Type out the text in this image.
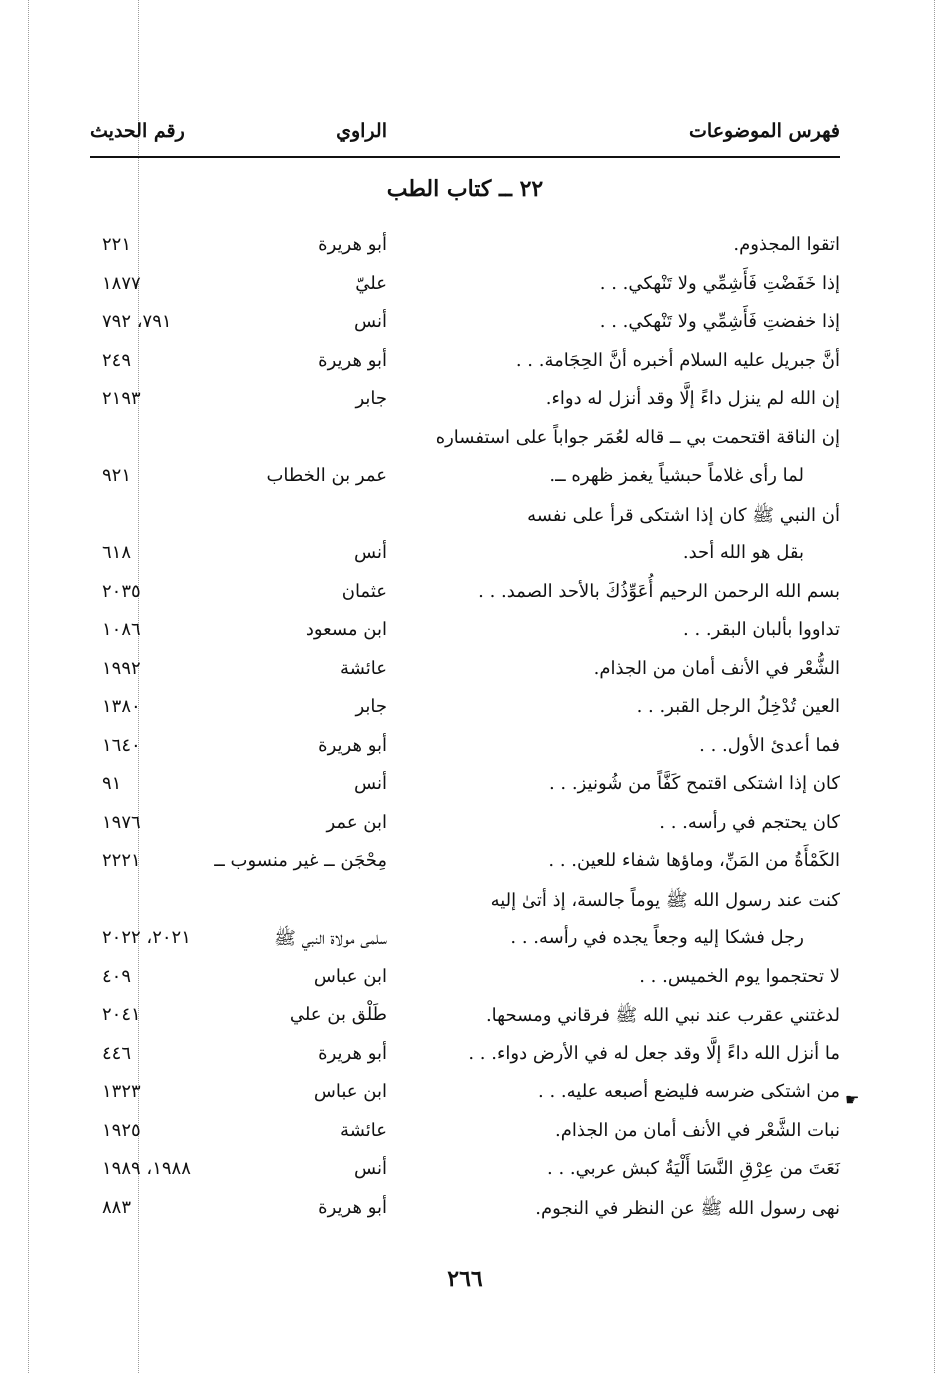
فهرس الموضوعات
الراوي
رقم الحديث
٢٢ ــ كتاب الطب
اتقوا المجذوم.
أبو هريرة
٢٢١
إذا خَفَضْتِ فَأَشِمِّي ولا تَنْهكي. . .
عليّ
١٨٧٧
إذا خفضتِ فَأَشِمِّي ولا تَنْهكي. . .
أنس
٧٩١، ٧٩٢
أنَّ جبريل عليه السلام أخبره أنَّ الحِجَامة. . .
أبو هريرة
٢٤٩
إن الله لم ينزل داءً إلَّا وقد أنزل له دواء.
جابر
٢١٩٣
إن الناقة اقتحمت بي ــ قاله لعُمَر جواباً على استفساره
لما رأى غلاماً حبشياً يغمز ظهره ــ.
عمر بن الخطاب
٩٢١
أن النبي ﷺ كان إذا اشتكى قرأ على نفسه
بقل هو الله أحد.
أنس
٦١٨
بسم الله الرحمن الرحيم أُعَوِّذُكَ بالأحد الصمد. . .
عثمان
٢٠٣٥
تداووا بألبان البقر. . .
ابن مسعود
١٠٨٦
الشُّعْر في الأنف أمان من الجذام.
عائشة
١٩٩٢
العين تُدْخِلُ الرجل القبر. . .
جابر
١٣٨٠
فما أعدئ الأول. . .
أبو هريرة
١٦٤٠
كان إذا اشتكى اقتمح كَفَّاً من شُونيز. . .
أنس
٩١
كان يحتجم في رأسه. . .
ابن عمر
١٩٧٦
الكَمْأَةُ من المَنِّ، وماؤها شفاء للعين. . .
مِحْجَن ــ غير منسوب ــ
٢٢٢١
كنت عند رسول الله ﷺ يوماً جالسة، إذ أتىٰ إليه
رجل فشكا إليه وجعاً يجده في رأسه. . .
سلمى مولاة النبي ﷺ
٢٠٢١، ٢٠٢٢
لا تحتجموا يوم الخميس. . .
ابن عباس
٤٠٩
لدغتني عقرب عند نبي الله ﷺ فرقاني ومسحها.
طَلْق بن علي
٢٠٤١
ما أنزل الله داءً إلَّا وقد جعل له في الأرض دواء. . .
أبو هريرة
٤٤٦
من اشتكى ضرسه فليضع أصبعه عليه. . .
ابن عباس
١٣٢٣
نبات الشَّعْر في الأنف أمان من الجذام.
عائشة
١٩٢٥
نَعَتَ من عِرْقِ النَّسَا أَلْيَةُ كبش عربي. . .
أنس
١٩٨٨، ١٩٨٩
نهى رسول الله ﷺ عن النظر في النجوم.
أبو هريرة
٨٨٣
☛
٢٦٦
